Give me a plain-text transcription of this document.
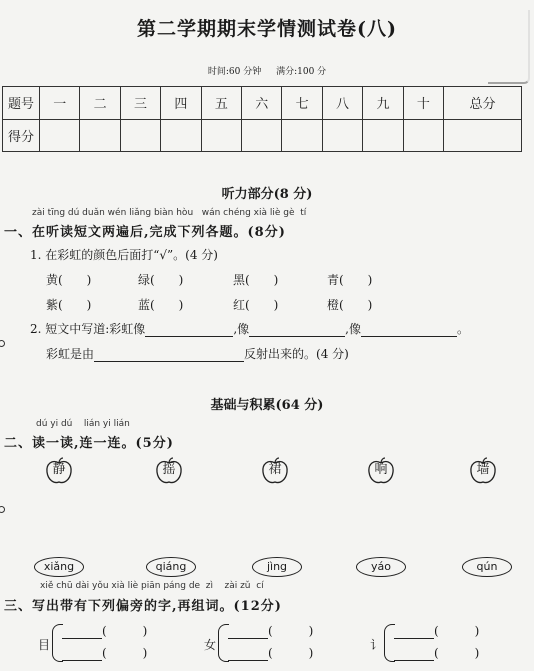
第二学期期末学情测试卷(八)
时间:60 分钟 满分:100 分
题号	一	二	三	四	五	六	七	八	九	十	总分
得分											
听力部分(8 分)
zài tīng dú duǎn wén liǎng biàn hòu   wán chéng xià liè gè  tí
一、在听读短文两遍后,完成下列各题。(8分)
1. 在彩虹的颜色后面打“√”。(4 分)
黄(　　)	绿(　　)	黑(　　)	青(　　)
紫(　　)	蓝(　　)	红(　　)	橙(　　)
2. 短文中写道:彩虹像	,像	,像	。
彩虹是由	反射出来的。(4 分)
基础与积累(64 分)
dú yi dú    lián yi lián
二、读一读,连一连。(5分)
静	摇	裙	响	墙
xiǎng	qiáng	jìng	yáo	qún
xiě chū dài yǒu xià liè piān páng de  zì    zài zǔ  cí
三、写出带有下列偏旁的字,再组词。(12分)
目
(　　　)
(　　　)
女
(　　　)
(　　　)
讠
(　　　)
(　　　)
